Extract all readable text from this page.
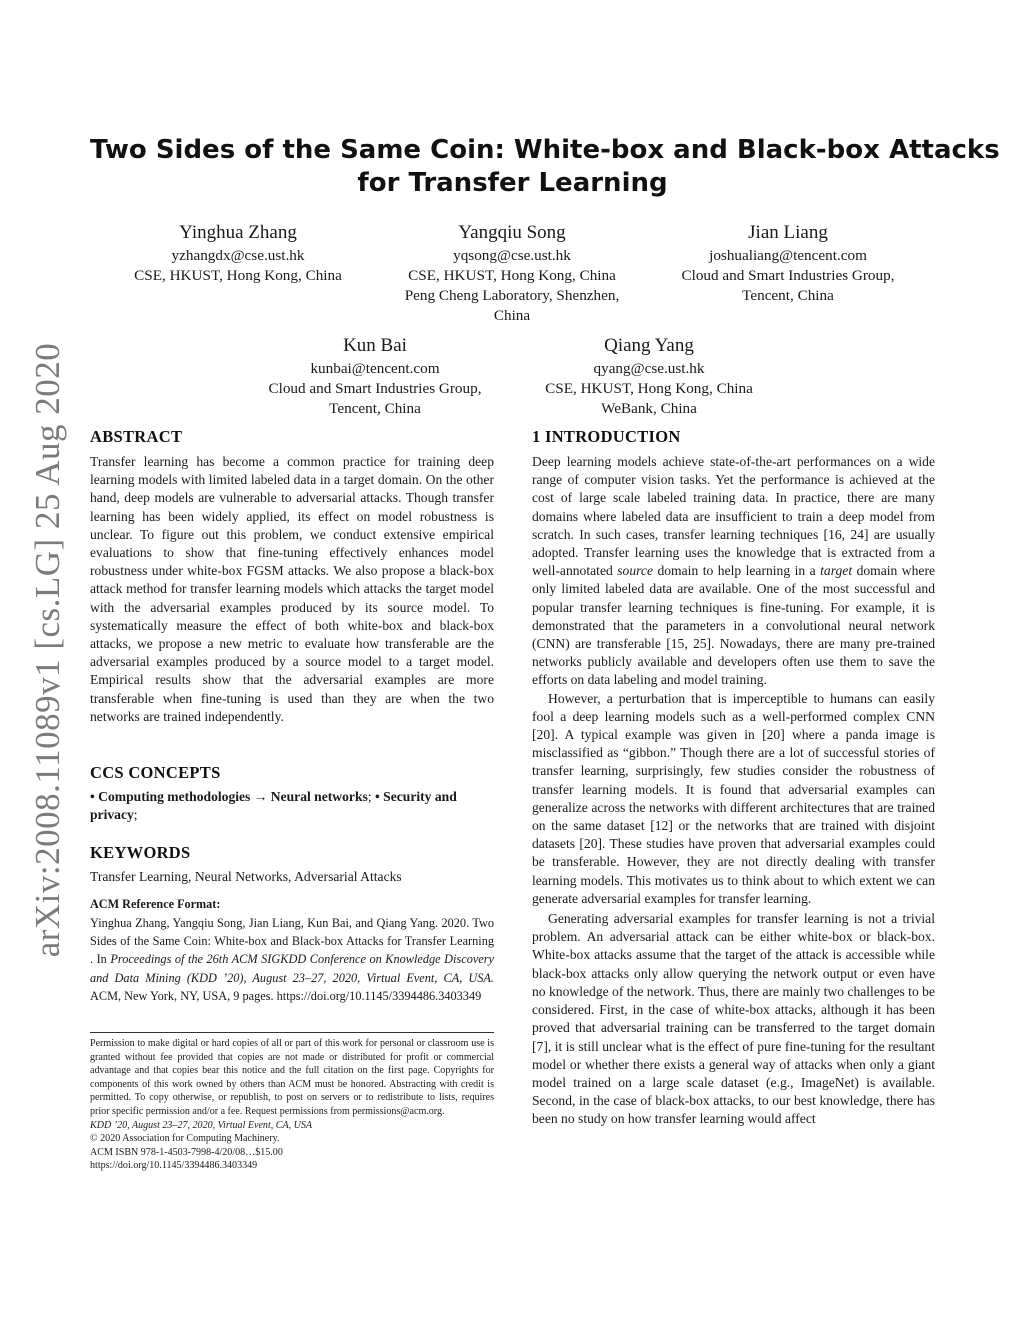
arXiv:2008.11089v1 [cs.LG] 25 Aug 2020
Two Sides of the Same Coin: White-box and Black-box Attacks
for Transfer Learning
Yinghua Zhang
yzhangdx@cse.ust.hk
CSE, HKUST, Hong Kong, China
Yangqiu Song
yqsong@cse.ust.hk
CSE, HKUST, Hong Kong, China
Peng Cheng Laboratory, Shenzhen,
China
Jian Liang
joshualiang@tencent.com
Cloud and Smart Industries Group,
Tencent, China
Kun Bai
kunbai@tencent.com
Cloud and Smart Industries Group,
Tencent, China
Qiang Yang
qyang@cse.ust.hk
CSE, HKUST, Hong Kong, China
WeBank, China
ABSTRACT

Transfer learning has become a common practice for training deep learning models with limited labeled data in a target domain. On the other hand, deep models are vulnerable to adversarial attacks. Though transfer learning has been widely applied, its effect on model robustness is unclear. To figure out this problem, we conduct extensive empirical evaluations to show that fine-tuning effectively enhances model robustness under white-box FGSM attacks. We also propose a black-box attack method for transfer learning models which attacks the target model with the adversarial examples produced by its source model. To systematically measure the effect of both white-box and black-box attacks, we propose a new metric to evaluate how transferable are the adversarial examples produced by a source model to a target model. Empirical results show that the adversarial examples are more transferable when fine-tuning is used than they are when the two networks are trained independently.

CCS CONCEPTS
• Computing methodologies → Neural networks; • Security and privacy;
KEYWORDS

Transfer Learning, Neural Networks, Adversarial Attacks

ACM Reference Format:
Yinghua Zhang, Yangqiu Song, Jian Liang, Kun Bai, and Qiang Yang. 2020. Two Sides of the Same Coin: White-box and Black-box Attacks for Transfer Learning . In Proceedings of the 26th ACM SIGKDD Conference on Knowledge Discovery and Data Mining (KDD ’20), August 23–27, 2020, Virtual Event, CA, USA. ACM, New York, NY, USA, 9 pages. https://doi.org/10.1145/3394486.3403349
Permission to make digital or hard copies of all or part of this work for personal or classroom use is granted without fee provided that copies are not made or distributed for profit or commercial advantage and that copies bear this notice and the full citation on the first page. Copyrights for components of this work owned by others than ACM must be honored. Abstracting with credit is permitted. To copy otherwise, or republish, to post on servers or to redistribute to lists, requires prior specific permission and/or a fee. Request permissions from permissions@acm.org.
KDD ’20, August 23–27, 2020, Virtual Event, CA, USA
© 2020 Association for Computing Machinery.
ACM ISBN 978-1-4503-7998-4/20/08…$15.00
https://doi.org/10.1145/3394486.3403349
1 INTRODUCTION

Deep learning models achieve state-of-the-art performances on a wide range of computer vision tasks. Yet the performance is achieved at the cost of large scale labeled training data. In practice, there are many domains where labeled data are insufficient to train a deep model from scratch. In such cases, transfer learning techniques [16, 24] are usually adopted. Transfer learning uses the knowledge that is extracted from a well-annotated source domain to help learning in a target domain where only limited labeled data are available. One of the most successful and popular transfer learning techniques is fine-tuning. For example, it is demonstrated that the parameters in a convolutional neural network (CNN) are transferable [15, 25]. Nowadays, there are many pre-trained networks publicly available and developers often use them to save the efforts on data labeling and model training.

However, a perturbation that is imperceptible to humans can easily fool a deep learning models such as a well-performed complex CNN [20]. A typical example was given in [20] where a panda image is misclassified as “gibbon.” Though there are a lot of successful stories of transfer learning, surprisingly, few studies consider the robustness of transfer learning models. It is found that adversarial examples can generalize across the networks with different architectures that are trained on the same dataset [12] or the networks that are trained with disjoint datasets [20]. These studies have proven that adversarial examples could be transferable. However, they are not directly dealing with transfer learning models. This motivates us to think about to which extent we can generate adversarial examples for transfer learning.

Generating adversarial examples for transfer learning is not a trivial problem. An adversarial attack can be either white-box or black-box. White-box attacks assume that the target of the attack is accessible while black-box attacks only allow querying the network output or even have no knowledge of the network. Thus, there are mainly two challenges to be considered. First, in the case of white-box attacks, although it has been proved that adversarial training can be transferred to the target domain [7], it is still unclear what is the effect of pure fine-tuning for the resultant model or whether there exists a general way of attacks when only a giant model trained on a large scale dataset (e.g., ImageNet) is available. Second, in the case of black-box attacks, to our best knowledge, there has been no study on how transfer learning would affect
